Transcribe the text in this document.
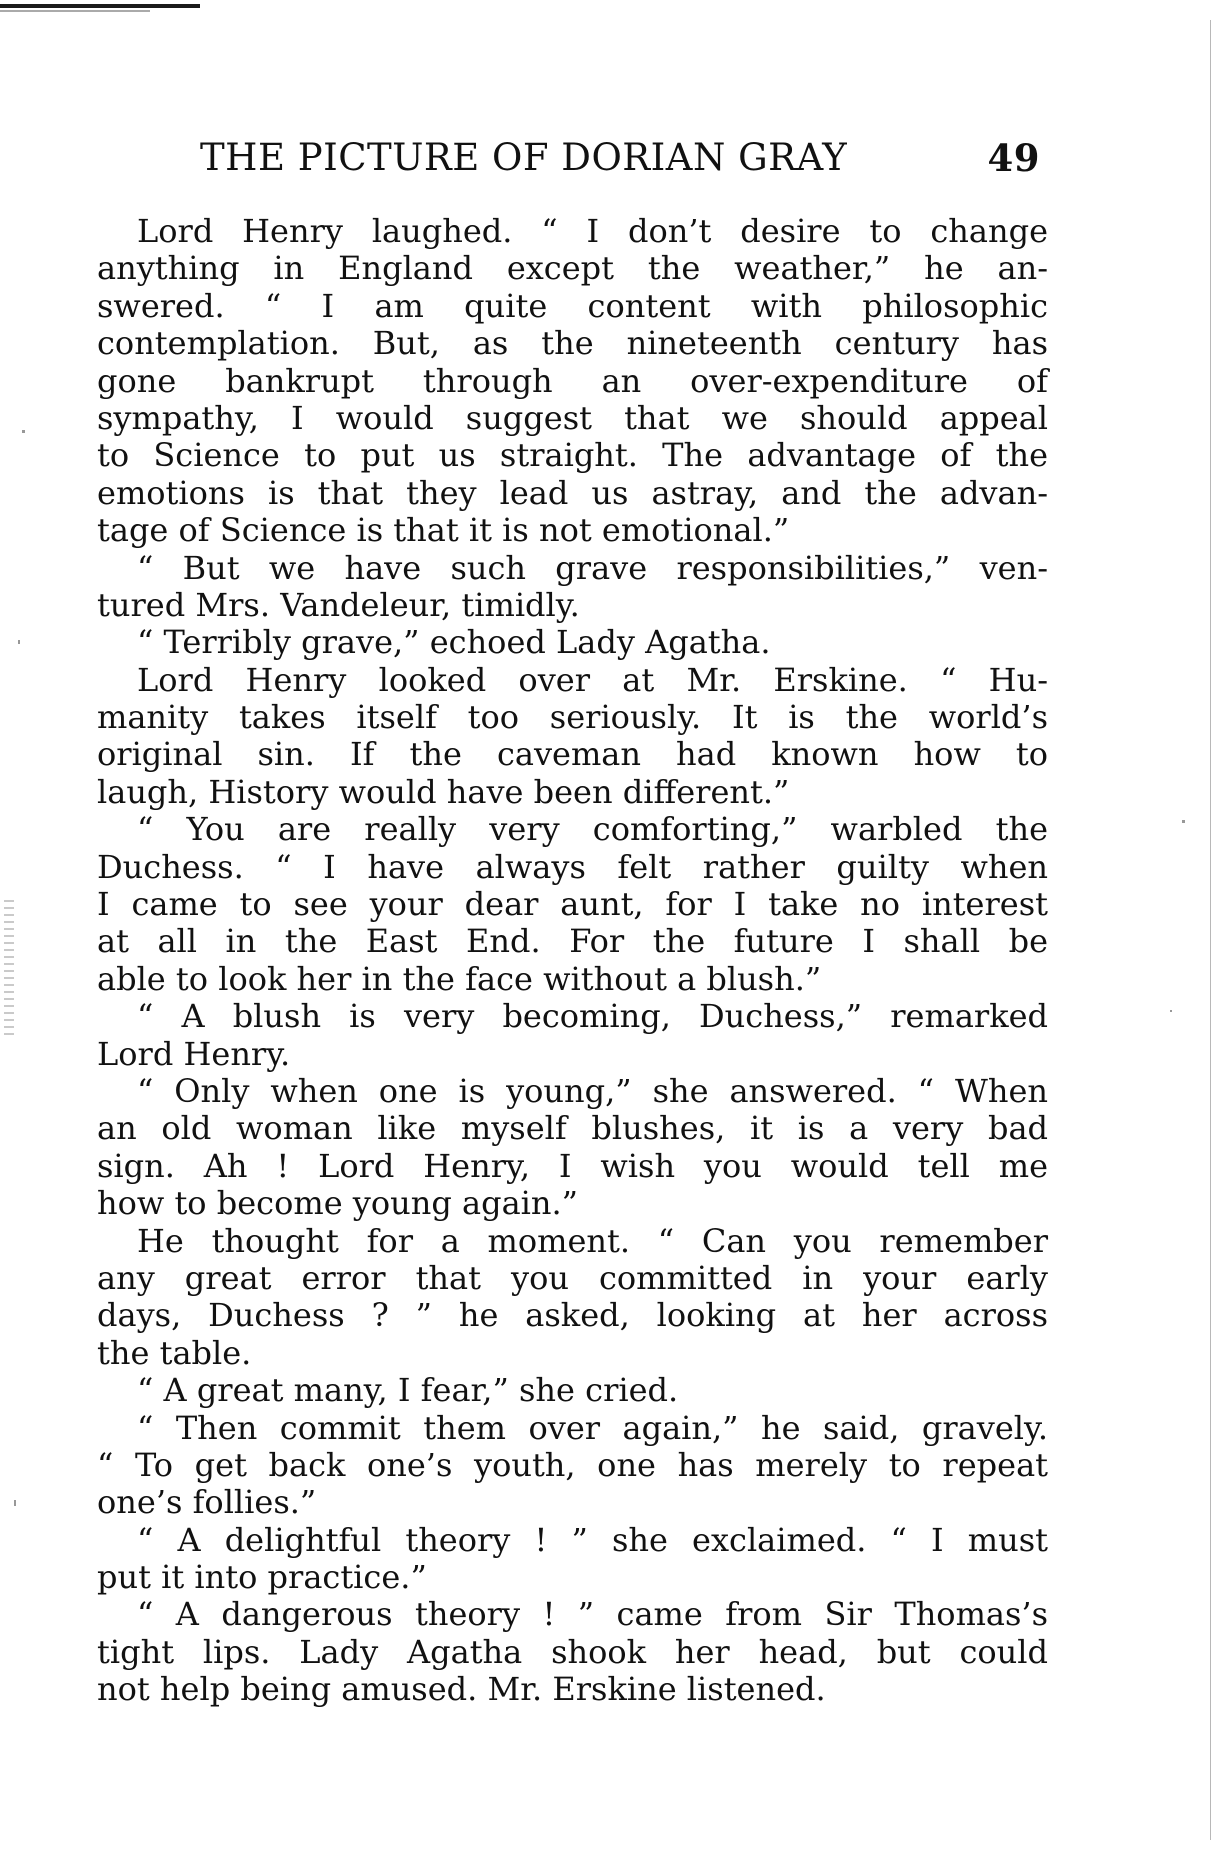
THE PICTURE OF DORIAN GRAY	49
Lord Henry laughed. “ I don’t desire to change
anything in England except the weather,” he an-
swered. “ I am quite content with philosophic
contemplation. But, as the nineteenth century has
gone bankrupt through an over-expenditure of
sympathy, I would suggest that we should appeal
to Science to put us straight. The advantage of the
emotions is that they lead us astray, and the advan-
tage of Science is that it is not emotional.”
“ But we have such grave responsibilities,” ven-
tured Mrs. Vandeleur, timidly.
“ Terribly grave,” echoed Lady Agatha.
Lord Henry looked over at Mr. Erskine. “ Hu-
manity takes itself too seriously. It is the world’s
original sin. If the caveman had known how to
laugh, History would have been different.”
“ You are really very comforting,” warbled the
Duchess. “ I have always felt rather guilty when
I came to see your dear aunt, for I take no interest
at all in the East End. For the future I shall be
able to look her in the face without a blush.”
“ A blush is very becoming, Duchess,” remarked
Lord Henry.
“ Only when one is young,” she answered. “ When
an old woman like myself blushes, it is a very bad
sign. Ah ! Lord Henry, I wish you would tell me
how to become young again.”
He thought for a moment. “ Can you remember
any great error that you committed in your early
days, Duchess ? ” he asked, looking at her across
the table.
“ A great many, I fear,” she cried.
“ Then commit them over again,” he said, gravely.
“ To get back one’s youth, one has merely to repeat
one’s follies.”
“ A delightful theory ! ” she exclaimed. “ I must
put it into practice.”
“ A dangerous theory ! ” came from Sir Thomas’s
tight lips. Lady Agatha shook her head, but could
not help being amused. Mr. Erskine listened.
